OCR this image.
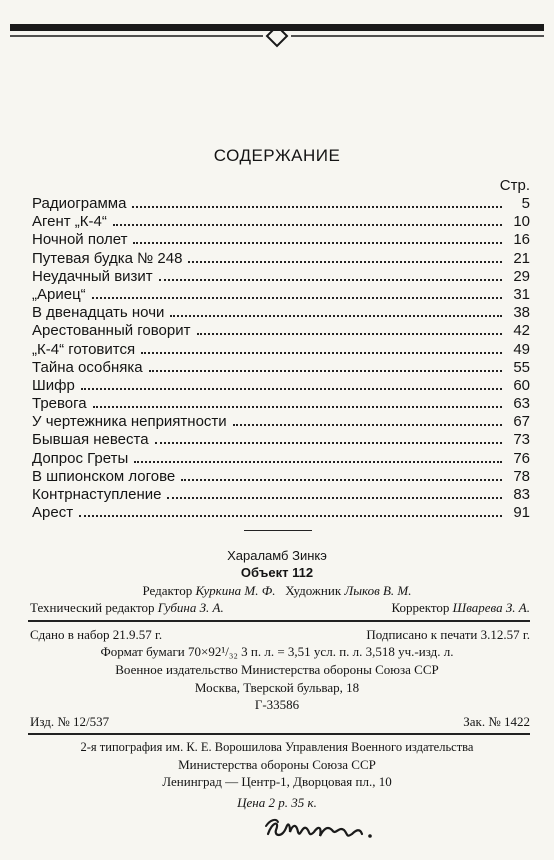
СОДЕРЖАНИЕ
Стр.
Радиограмма	5
Агент „К-4“	10
Ночной полет	16
Путевая будка № 248	21
Неудачный визит	29
„Ариец“	31
В двенадцать ночи	38
Арестованный говорит	42
„К-4“ готовится	49
Тайна особняка	55
Шифр	60
Тревога	63
У чертежника неприятности	67
Бывшая невеста	73
Допрос Греты	76
В шпионском логове	78
Контрнаступление	83
Арест	91
Хараламб Зинкэ
Объект 112
Редактор Куркина М. Ф. Художник Лыков В. М.
Технический редактор Губина З. А.	Корректор Шварева З. А.
Сдано в набор 21.9.57 г.	Подписано к печати 3.12.57 г.
Формат бумаги 70×92¹/₃₂ 3 п. л. = 3,51 усл. п. л. 3,518 уч.-изд. л.
Военное издательство Министерства обороны Союза ССР
Москва, Тверской бульвар, 18
Г-33586
Изд. № 12/537	Зак. № 1422
2-я типография им. К. Е. Ворошилова Управления Военного издательства
Министерства обороны Союза ССР
Ленинград — Центр-1, Дворцовая пл., 10
Цена 2 р. 35 к.
